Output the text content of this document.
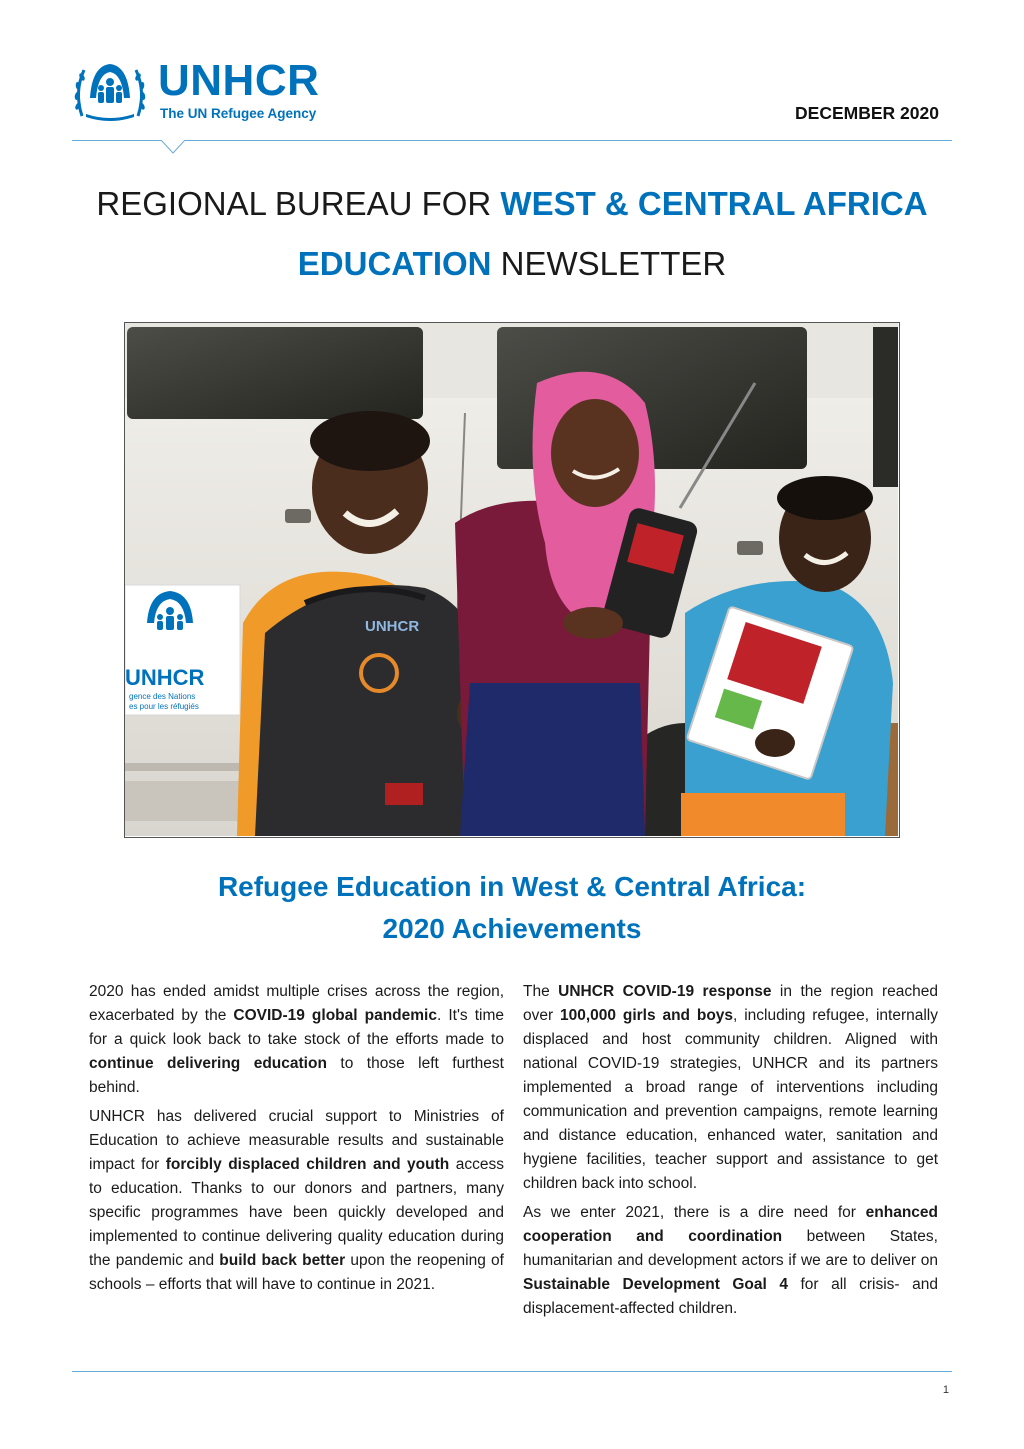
UNHCR
The UN Refugee Agency	DECEMBER 2020
REGIONAL BUREAU FOR WEST & CENTRAL AFRICA
EDUCATION NEWSLETTER
UNHCR
gence des Nations
es pour les réfugiés
UNHCR
Refugee Education in West & Central Africa:
2020 Achievements

2020 has ended amidst multiple crises across the region, exacerbated by the COVID-19 global pandemic. It's time for a quick look back to take stock of the efforts made to continue delivering education to those left furthest behind.

UNHCR has delivered crucial support to Ministries of Education to achieve measurable results and sustainable impact for forcibly displaced children and youth access to education. Thanks to our donors and partners, many specific programmes have been quickly developed and implemented to continue delivering quality education during the pandemic and build back better upon the reopening of schools – efforts that will have to continue in 2021.

The UNHCR COVID-19 response in the region reached over 100,000 girls and boys, including refugee, internally displaced and host community children. Aligned with national COVID-19 strategies, UNHCR and its partners implemented a broad range of interventions including communication and prevention campaigns, remote learning and distance education, enhanced water, sanitation and hygiene facilities, teacher support and assistance to get children back into school.

As we enter 2021, there is a dire need for enhanced cooperation and coordination between States, humanitarian and development actors if we are to deliver on Sustainable Development Goal 4 for all crisis- and displacement-affected children.

1
